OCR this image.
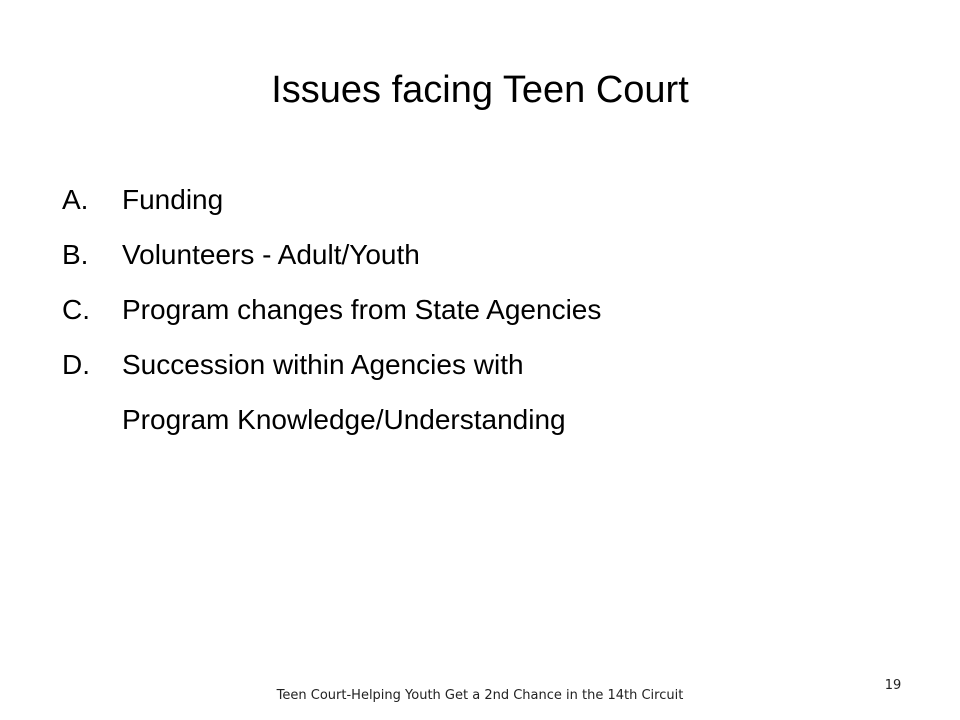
Issues facing Teen Court
A.	Funding
B.	Volunteers - Adult/Youth
C.	Program changes from State Agencies
D.	Succession within Agencies with
Program Knowledge/Understanding
Teen Court-Helping Youth Get a 2nd Chance in the 14th Circuit
19
